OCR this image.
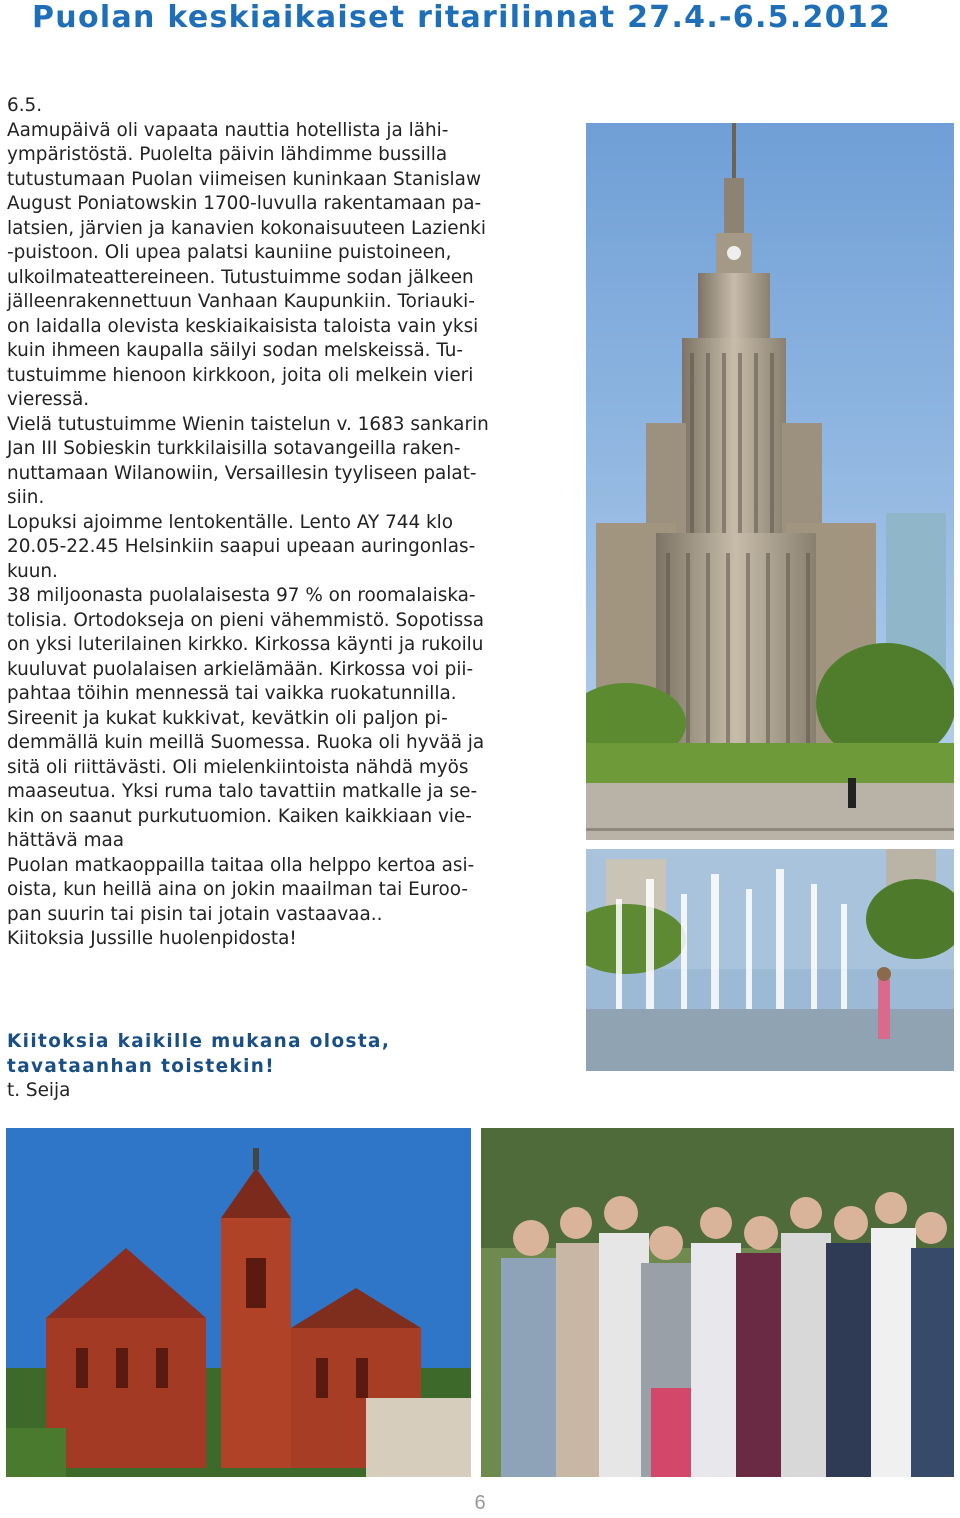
Puolan keskiaikaiset ritarilinnat 27.4.-6.5.2012

6.5.
Aamupäivä oli vapaata nauttia hotellista ja lähi-
ympäristöstä. Puolelta päivin lähdimme bussilla
tutustumaan Puolan viimeisen kuninkaan Stanislaw
August Poniatowskin 1700-luvulla rakentamaan pa-
latsien, järvien ja kanavien kokonaisuuteen Lazienki
-puistoon. Oli upea palatsi kauniine puistoineen,
ulkoilmateattereineen. Tutustuimme sodan jälkeen
jälleenrakennettuun Vanhaan Kaupunkiin. Toriauki-
on laidalla olevista keskiaikaisista taloista vain yksi
kuin ihmeen kaupalla säilyi sodan melskeissä. Tu-
tustuimme hienoon kirkkoon, joita oli melkein vieri
vieressä.
Vielä tutustuimme Wienin taistelun v. 1683 sankarin
Jan III Sobieskin turkkilaisilla sotavangeilla raken-
nuttamaan Wilanowiin, Versaillesin tyyliseen palat-
siin.
Lopuksi ajoimme lentokentälle. Lento AY 744 klo
20.05-22.45 Helsinkiin saapui upeaan auringonlas-
kuun.
38 miljoonasta puolalaisesta 97 % on roomalaiska-
tolisia. Ortodokseja on pieni vähemmistö. Sopotissa
on yksi luterilainen kirkko. Kirkossa käynti ja rukoilu
kuuluvat puolalaisen arkielämään. Kirkossa voi pii-
pahtaa töihin mennessä tai vaikka ruokatunnilla.
Sireenit ja kukat kukkivat, kevätkin oli paljon pi-
demmällä kuin meillä Suomessa. Ruoka oli hyvää ja
sitä oli riittävästi. Oli mielenkiintoista nähdä myös
maaseutua. Yksi ruma talo tavattiin matkalle ja se-
kin on saanut purkutuomion. Kaiken kaikkiaan vie-
hättävä maa
Puolan matkaoppailla taitaa olla helppo kertoa asi-
oista, kun heillä aina on jokin maailman tai Euroo-
pan suurin tai pisin tai jotain vastaavaa..
Kiitoksia Jussille huolenpidosta!

Kiitoksia kaikille mukana olosta,
tavataanhan toistekin!
t. Seija
6
